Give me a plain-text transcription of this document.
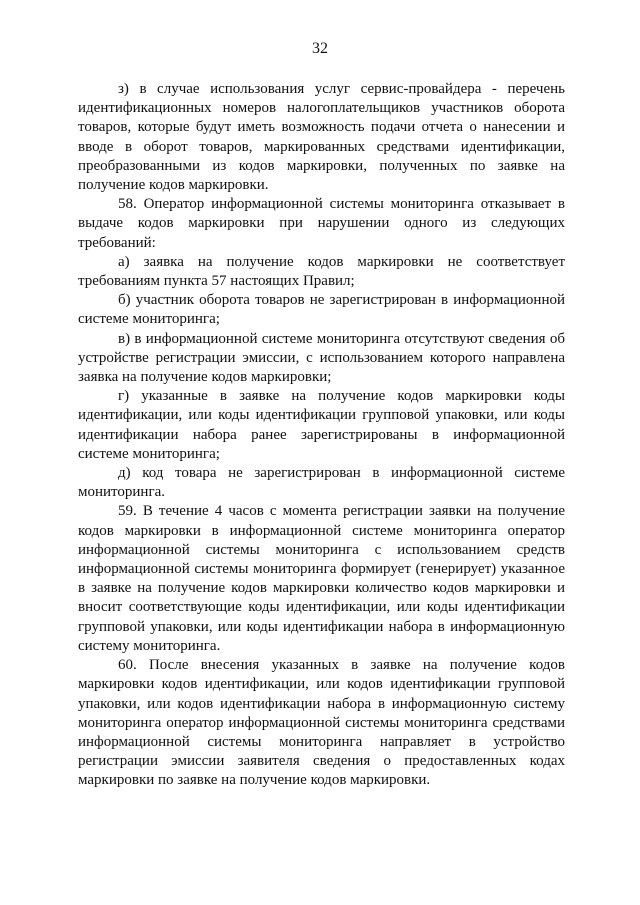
32

з) в случае использования услуг сервис-провайдера - перечень идентификационных номеров налогоплательщиков участников оборота товаров, которые будут иметь возможность подачи отчета о нанесении и вводе в оборот товаров, маркированных средствами идентификации, преобразованными из кодов маркировки, полученных по заявке на получение кодов маркировки.

58. Оператор информационной системы мониторинга отказывает в выдаче кодов маркировки при нарушении одного из следующих требований:

а) заявка на получение кодов маркировки не соответствует требованиям пункта 57 настоящих Правил;

б) участник оборота товаров не зарегистрирован в информационной системе мониторинга;

в) в информационной системе мониторинга отсутствуют сведения об устройстве регистрации эмиссии, с использованием которого направлена заявка на получение кодов маркировки;

г) указанные в заявке на получение кодов маркировки коды идентификации, или коды идентификации групповой упаковки, или коды идентификации набора ранее зарегистрированы в информационной системе мониторинга;

д) код товара не зарегистрирован в информационной системе мониторинга.

59. В течение 4 часов с момента регистрации заявки на получение кодов маркировки в информационной системе мониторинга оператор информационной системы мониторинга с использованием средств информационной системы мониторинга формирует (генерирует) указанное в заявке на получение кодов маркировки количество кодов маркировки и вносит соответствующие коды идентификации, или коды идентификации групповой упаковки, или коды идентификации набора в информационную систему мониторинга.

60. После внесения указанных в заявке на получение кодов маркировки кодов идентификации, или кодов идентификации групповой упаковки, или кодов идентификации набора в информационную систему мониторинга оператор информационной системы мониторинга средствами информационной системы мониторинга направляет в устройство регистрации эмиссии заявителя сведения о предоставленных кодах маркировки по заявке на получение кодов маркировки.
